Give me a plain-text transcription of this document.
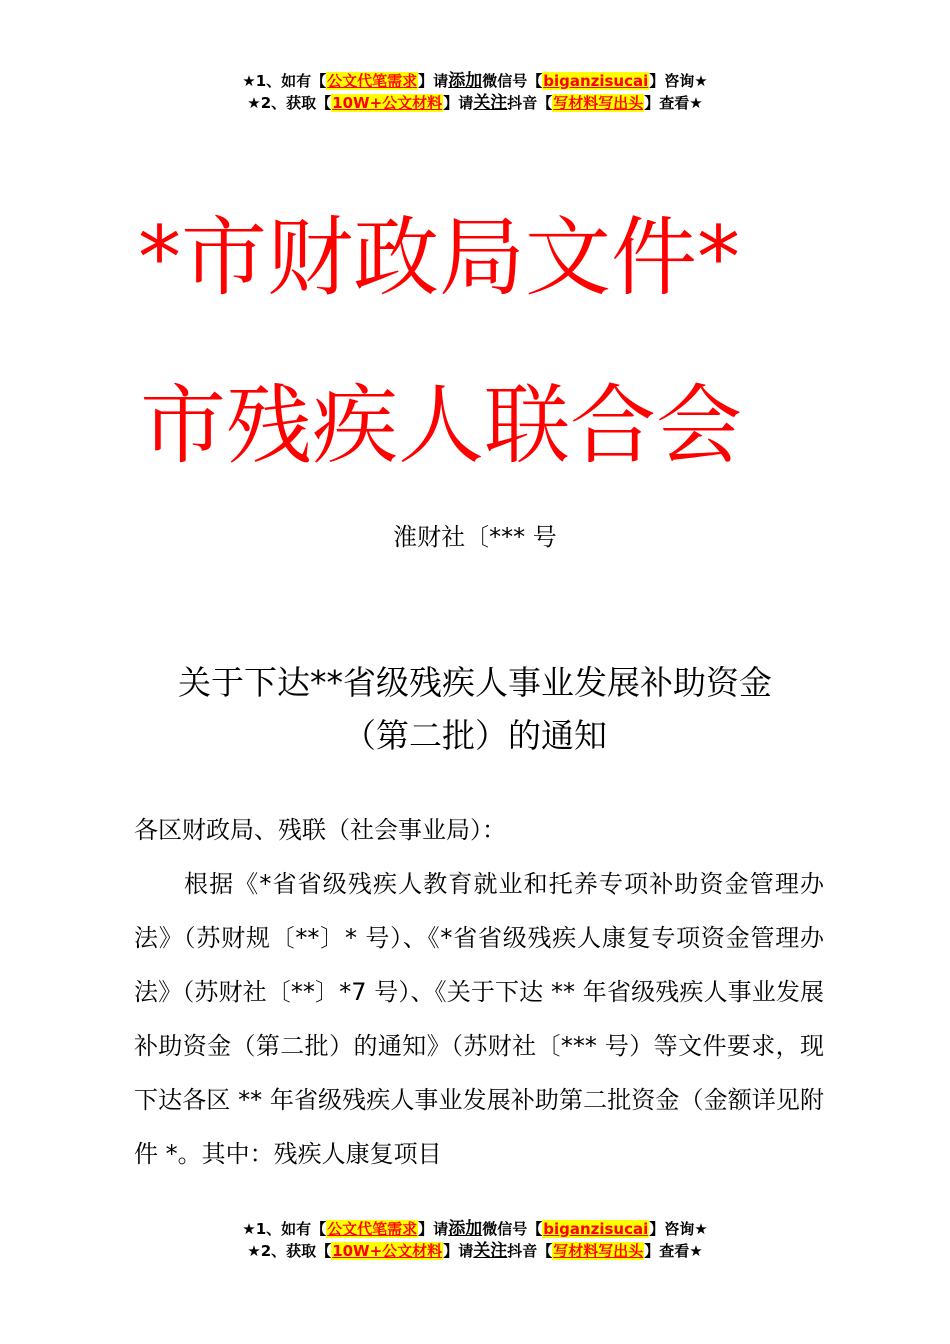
★1、如有【公文代笔需求】请添加微信号【biganzisucai】咨询★
★2、获取【10W+公文材料】请关注抖音【写材料写出头】查看★
*市财政局文件*
市残疾人联合会
淮财社〔*** 号
关于下达**省级残疾人事业发展补助资金
（第二批）的通知
各区财政局、残联（社会事业局）：
根据《*省省级残疾人教育就业和托养专项补助资金管理办法》（苏财规〔**〕* 号）、《*省省级残疾人康复专项资金管理办法》（苏财社〔**〕*7 号）、《关于下达 ** 年省级残疾人事业发展补助资金（第二批）的通知》（苏财社〔*** 号）等文件要求，现下达各区 ** 年省级残疾人事业发展补助第二批资金（金额详见附件 *。其中：残疾人康复项目
★1、如有【公文代笔需求】请添加微信号【biganzisucai】咨询★
★2、获取【10W+公文材料】请关注抖音【写材料写出头】查看★
